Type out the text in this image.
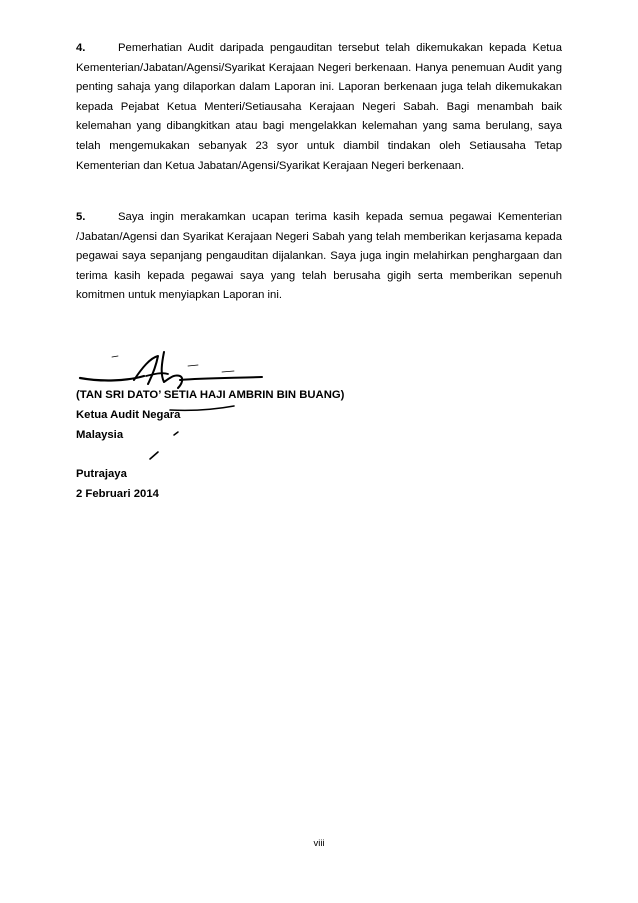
4.	Pemerhatian Audit daripada pengauditan tersebut telah dikemukakan kepada Ketua Kementerian/Jabatan/Agensi/Syarikat Kerajaan Negeri berkenaan. Hanya penemuan Audit yang penting sahaja yang dilaporkan dalam Laporan ini. Laporan berkenaan juga telah dikemukakan kepada Pejabat Ketua Menteri/Setiausaha Kerajaan Negeri Sabah. Bagi menambah baik kelemahan yang dibangkitkan atau bagi mengelakkan kelemahan yang sama berulang, saya telah mengemukakan sebanyak 23 syor untuk diambil tindakan oleh Setiausaha Tetap Kementerian dan Ketua Jabatan/Agensi/Syarikat Kerajaan Negeri berkenaan.

5.	Saya ingin merakamkan ucapan terima kasih kepada semua pegawai Kementerian /Jabatan/Agensi dan Syarikat Kerajaan Negeri Sabah yang telah memberikan kerjasama kepada pegawai saya sepanjang pengauditan dijalankan. Saya juga ingin melahirkan penghargaan dan terima kasih kepada pegawai saya yang telah berusaha gigih serta memberikan sepenuh komitmen untuk menyiapkan Laporan ini.

(TAN SRI DATO’ SETIA HAJI AMBRIN BIN BUANG)
Ketua Audit Negara
Malaysia
Putrajaya
2 Februari 2014
viii
